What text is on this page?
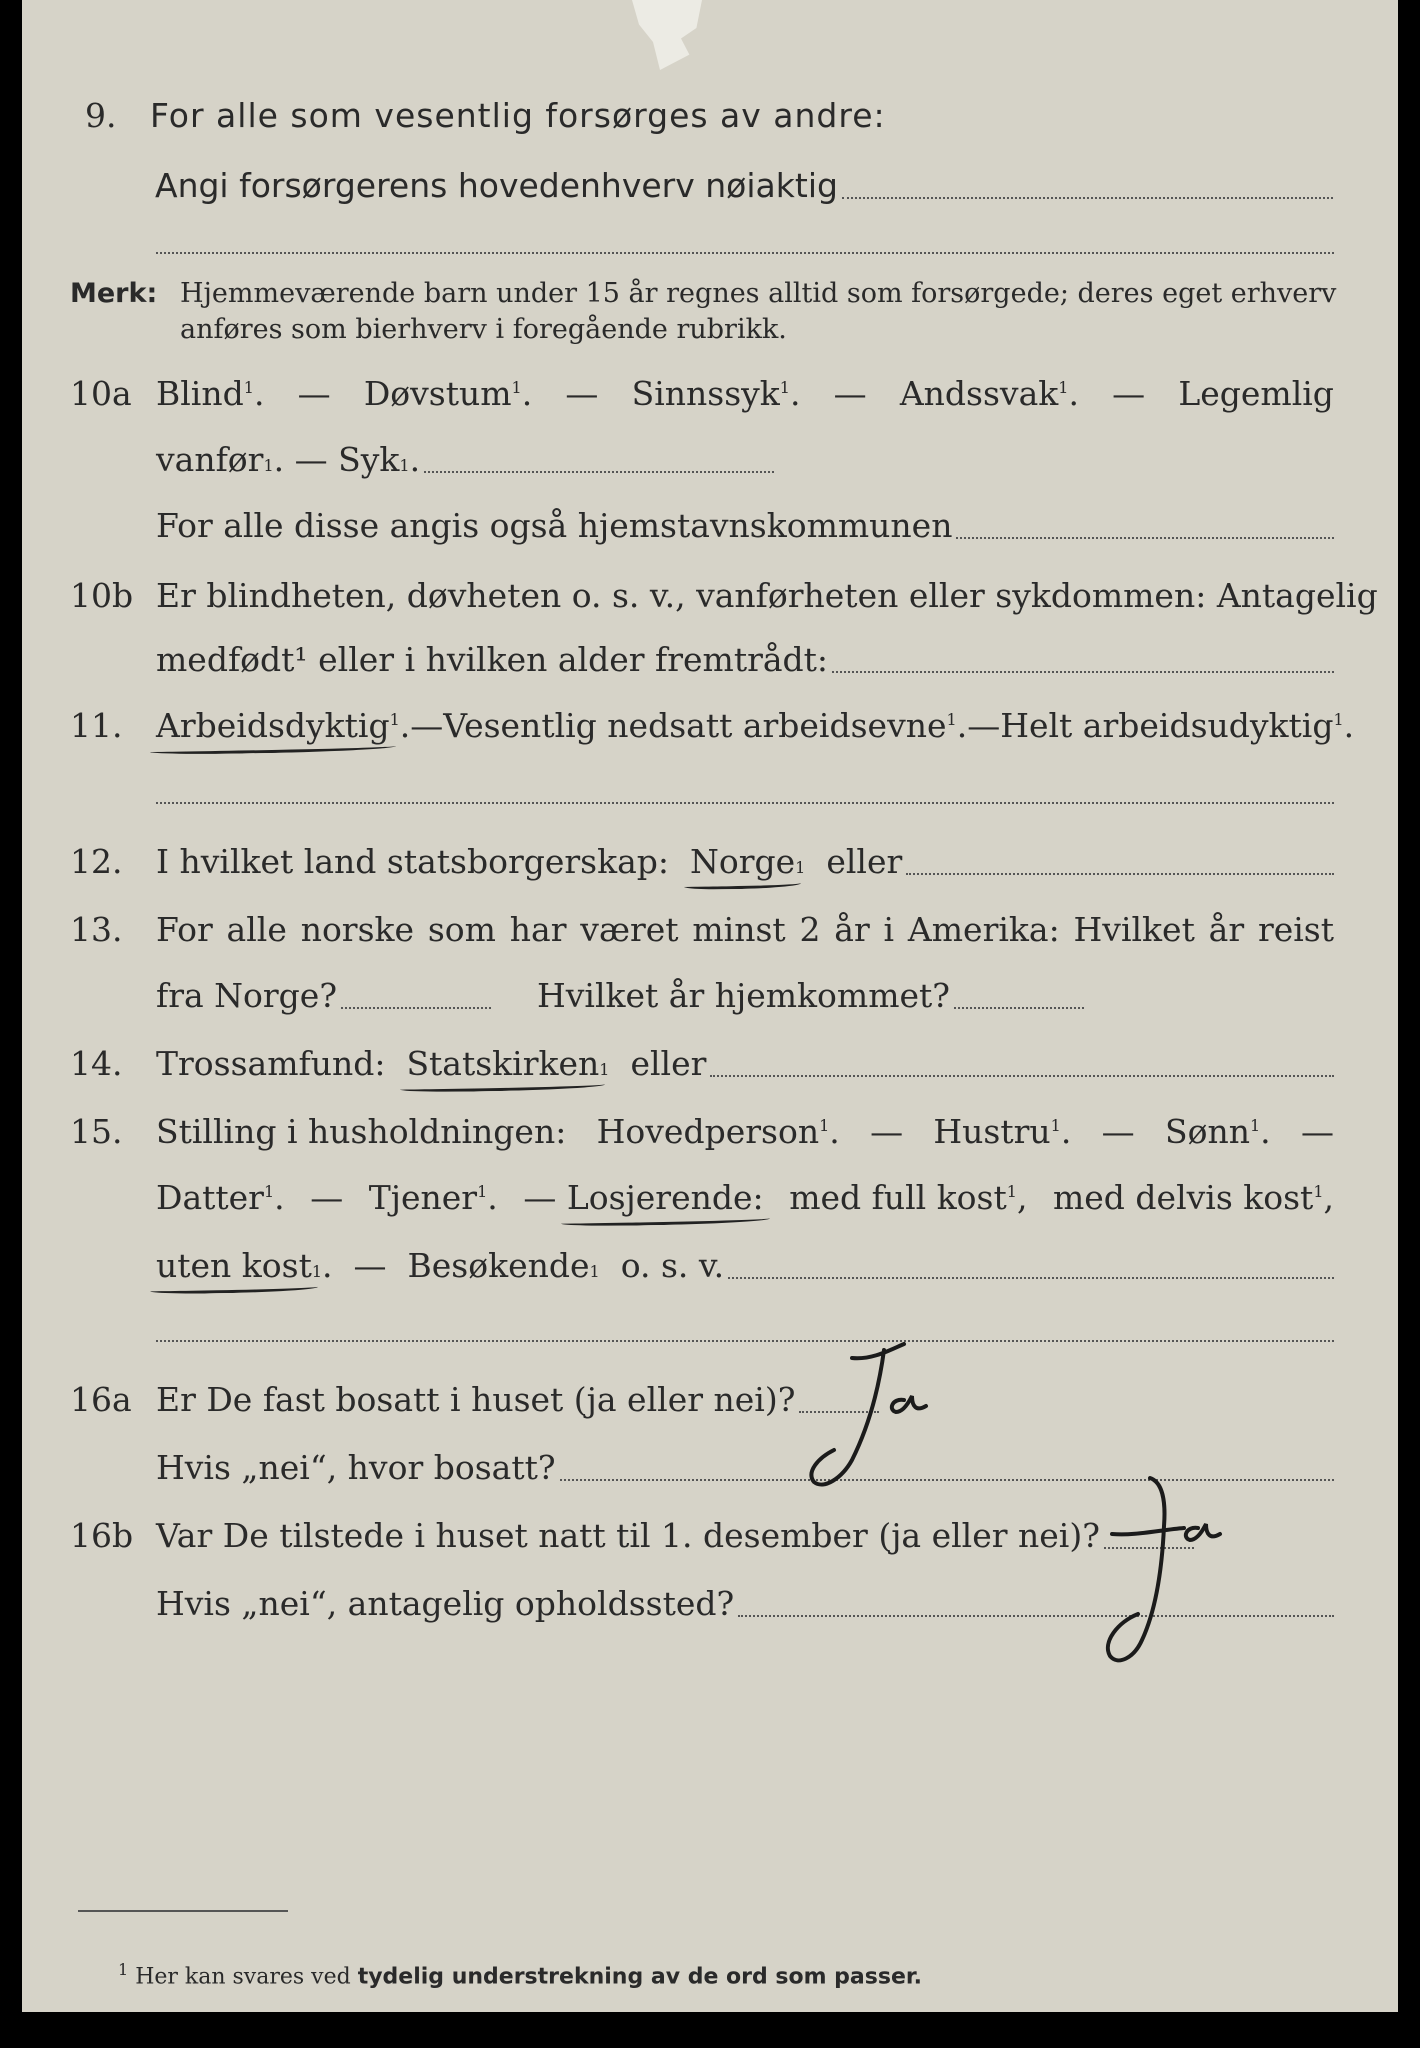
9. For alle som vesentlig forsørges av andre:
Angi forsørgerens hovedenhverv nøiaktig
Merk: Hjemmeværende barn under 15 år regnes alltid som forsørgede; deres eget erhverv
anføres som bierhverv i foregående rubrikk.
10a Blind$^1$. — Døvstum$^1$. — Sinnssyk$^1$. — Andssvak$^1$. — Legemlig
vanfør 1 .
—
Syk 1 .
For alle disse angis også hjemstavnskommunen
10b Er blindheten, døvheten o. s. v., vanførheten eller sykdommen: Antagelig
medfødt¹ eller i hvilken alder fremtrådt:
11. Arbeidsdyktig$^1$. — Vesentlig nedsatt arbeidsevne$^1$. — Helt arbeidsudyktig$^1$.
12. I hvilket land statsborgerskap:
Norge 1
eller
13. For alle norske som har været minst 2 år i Amerika: Hvilket år reist
fra Norge?
	Hvilket år hjemkommet?
14. Trossamfund:
Statskirken 1
eller
15. Stilling i husholdningen: Hovedperson$^1$. — Hustru$^1$. — Sønn$^1$. —
Datter$^1$. — Tjener$^1$. — Losjerende: med full kost$^1$, med delvis kost$^1$,
uten kost 1 .
—
Besøkende 1
o. s. v.
16a Er De fast bosatt i huset (ja eller nei)?
Hvis „nei“, hvor bosatt?
16b Var De tilstede i huset natt til 1. desember (ja eller nei)?
Hvis „nei“, antagelig opholdssted?
$^1$ Her kan svares ved tydelig understrekning av de ord som passer.
